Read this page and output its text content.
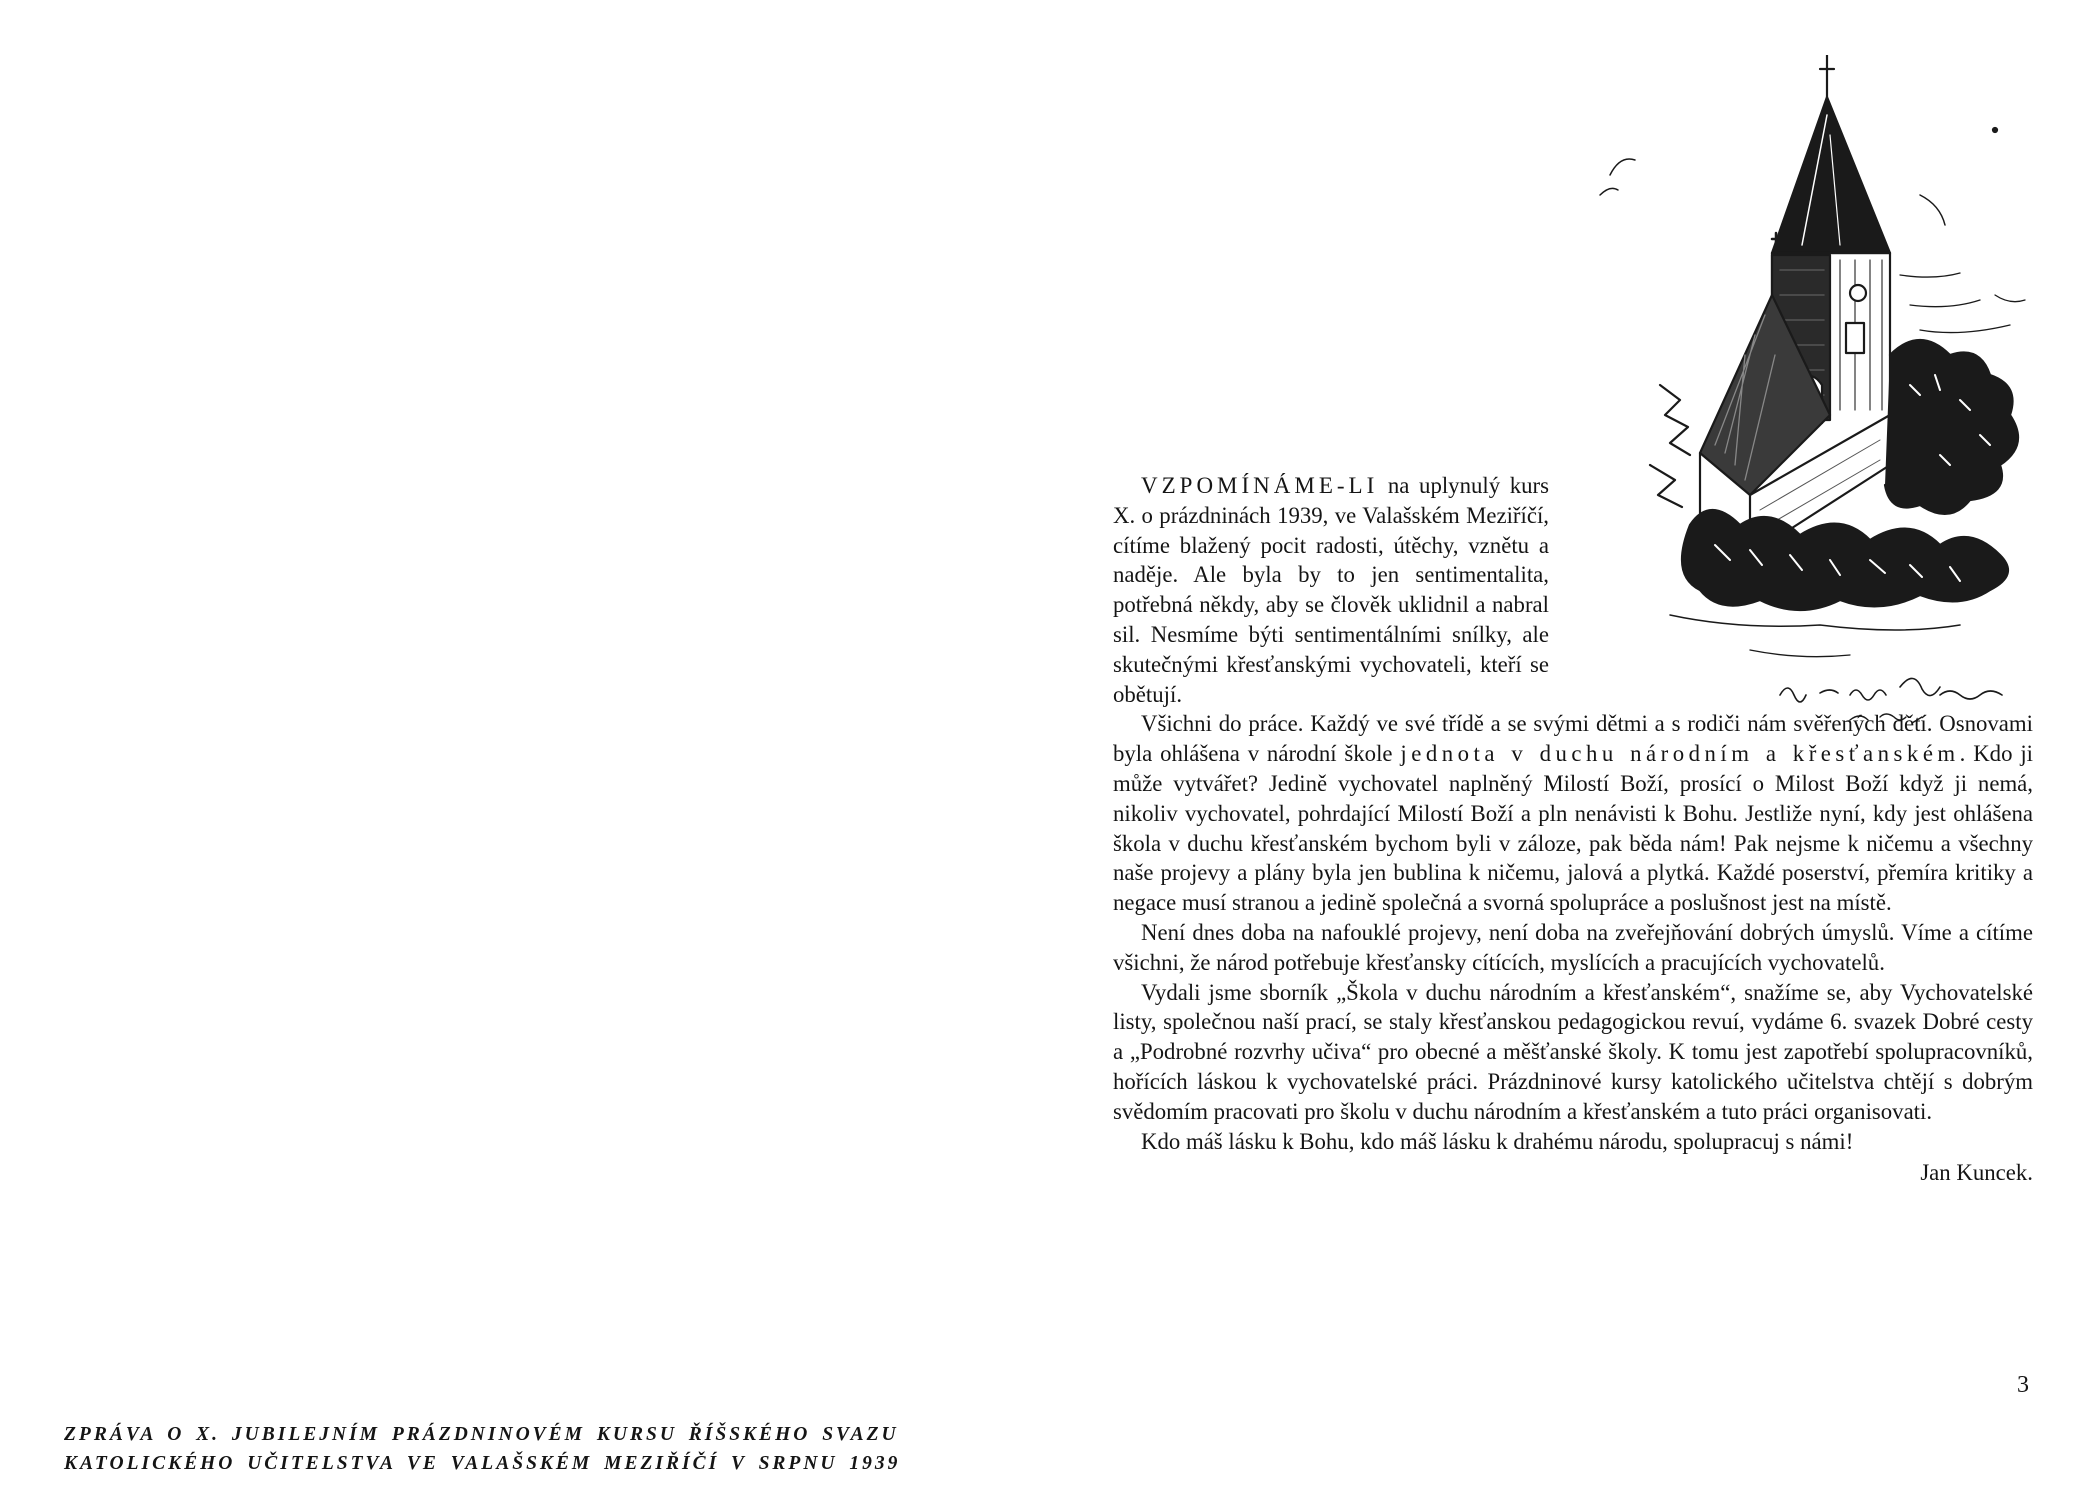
ZPRÁVA O X. JUBILEJNÍM PRÁZDNINOVÉM KURSU ŘÍŠSKÉHO SVAZU
KATOLICKÉHO UČITELSTVA VE VALAŠSKÉM MEZIŘÍČÍ V SRPNU 1939

VZPOMÍNÁME-LI na uplynulý kurs X. o prázdninách 1939, ve Valašském Meziříčí, cítíme blažený pocit radosti, útěchy, vznětu a naděje. Ale byla by to jen sentimentalita, potřebná někdy, aby se člověk uklidnil a nabral sil. Nesmíme býti sentimentálními snílky, ale skutečnými křesťanskými vychovateli, kteří se obětují.

Všichni do práce. Každý ve své třídě a se svými dětmi a s rodiči nám svěřených dětí. Osnovami byla ohlášena v národní škole jednota v duchu národním a křesťanském. Kdo ji může vytvářet? Jedině vychovatel naplněný Milostí Boží, prosící o Milost Boží když ji nemá, nikoliv vychovatel, pohrdající Milostí Boží a pln nenávisti k Bohu. Jestliže nyní, kdy jest ohlášena škola v duchu křesťanském bychom byli v záloze, pak běda nám! Pak nejsme k ničemu a všechny naše projevy a plány byla jen bublina k ničemu, jalová a plytká. Každé poserství, přemíra kritiky a negace musí stranou a jedině společná a svorná spolupráce a poslušnost jest na místě.

Není dnes doba na nafouklé projevy, není doba na zveřejňování dobrých úmyslů. Víme a cítíme všichni, že národ potřebuje křesťansky cítících, myslících a pracujících vychovatelů.

Vydali jsme sborník „Škola v duchu národním a křesťanském“, snažíme se, aby Vychovatelské listy, společnou naší prací, se staly křesťanskou pedagogickou revuí, vydáme 6. svazek Dobré cesty a „Podrobné rozvrhy učiva“ pro obecné a měšťanské školy. K tomu jest zapotřebí spolupracovníků, hořících láskou k vychovatelské práci. Prázdninové kursy katolického učitelstva chtějí s dobrým svědomím pracovati pro školu v duchu národním a křesťanském a tuto práci organisovati.

Kdo máš lásku k Bohu, kdo máš lásku k drahému národu, spolupracuj s námi!

Jan Kuncek.

3
